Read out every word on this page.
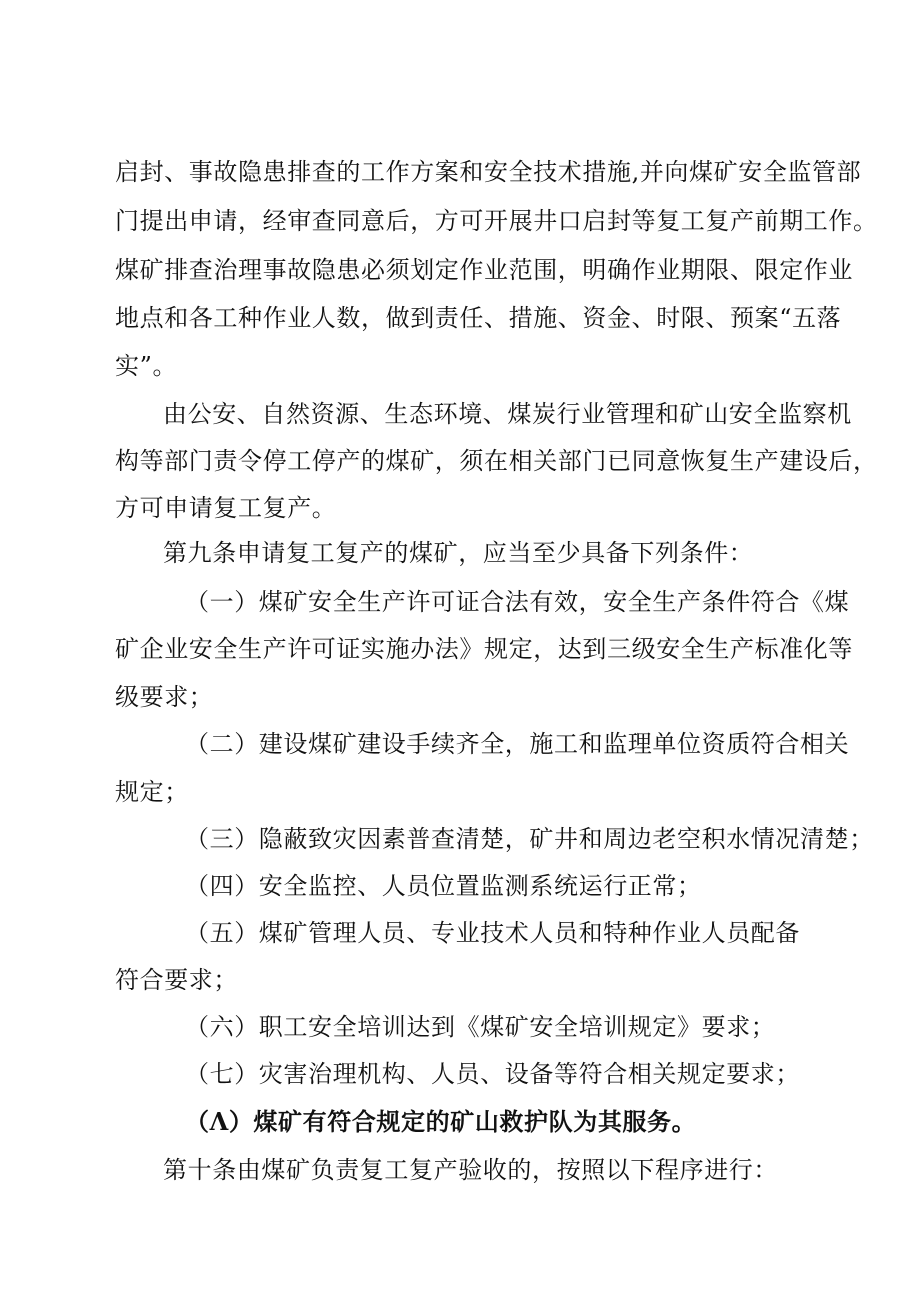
启封、事故隐患排查的工作方案和安全技术措施,并向煤矿安全监管部
门提出申请，经审查同意后，方可开展井口启封等复工复产前期工作。
煤矿排查治理事故隐患必须划定作业范围，明确作业期限、限定作业
地点和各工种作业人数，做到责任、措施、资金、时限、预案“五落
实”。
由公安、自然资源、生态环境、煤炭行业管理和矿山安全监察机
构等部门责令停工停产的煤矿，须在相关部门已同意恢复生产建设后，
方可申请复工复产。
第九条申请复工复产的煤矿，应当至少具备下列条件：
（一）煤矿安全生产许可证合法有效，安全生产条件符合《煤
矿企业安全生产许可证实施办法》规定，达到三级安全生产标准化等
级要求；
（二）建设煤矿建设手续齐全，施工和监理单位资质符合相关
规定；
（三）隐蔽致灾因素普查清楚，矿井和周边老空积水情况清楚；
（四）安全监控、人员位置监测系统运行正常；
（五）煤矿管理人员、专业技术人员和特种作业人员配备
符合要求；
（六）职工安全培训达到《煤矿安全培训规定》要求；
（七）灾害治理机构、人员、设备等符合相关规定要求；
（Λ）煤矿有符合规定的矿山救护队为其服务。
第十条由煤矿负责复工复产验收的，按照以下程序进行：
